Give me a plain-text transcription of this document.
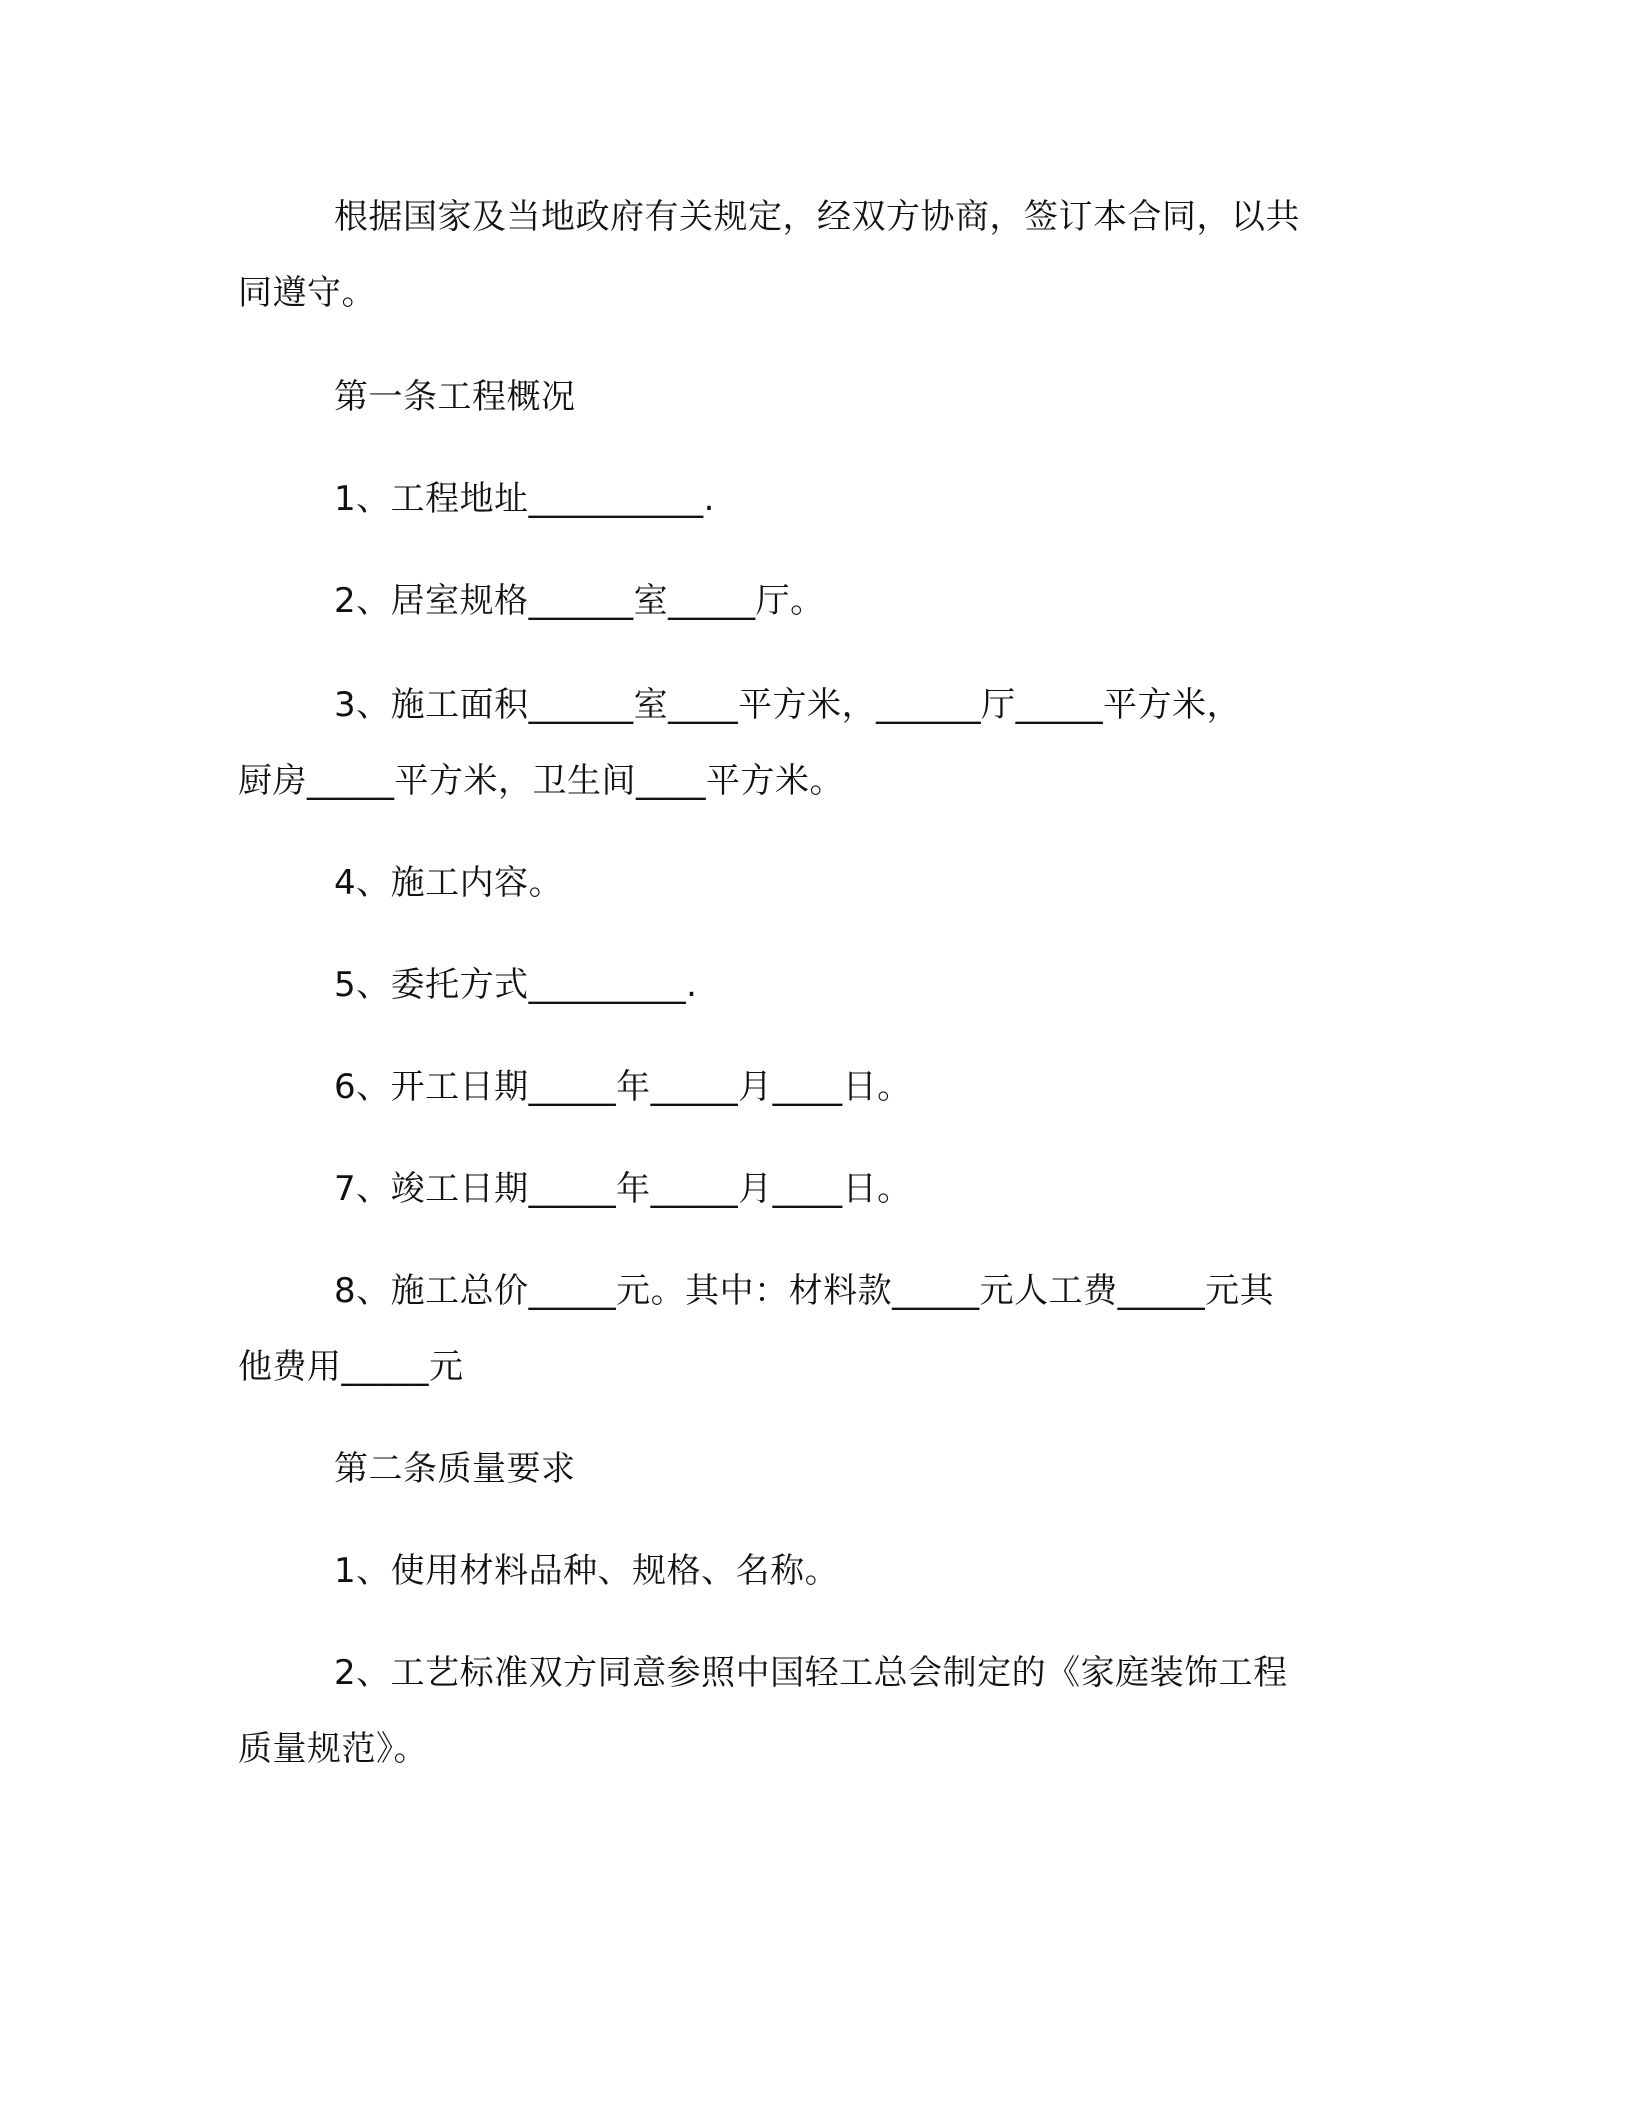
根据国家及当地政府有关规定，经双方协商，签订本合同，以共
同遵守。
第一条工程概况
1、工程地址__________.
2、居室规格______室_____厅。
3、施工面积______室____平方米，______厅_____平方米，
厨房_____平方米，卫生间____平方米。
4、施工内容。
5、委托方式_________.
6、开工日期_____年_____月____日。
7、竣工日期_____年_____月____日。
8、施工总价_____元。其中：材料款_____元人工费_____元其
他费用_____元
第二条质量要求
1、使用材料品种、规格、名称。
2、工艺标准双方同意参照中国轻工总会制定的《家庭装饰工程
质量规范》。
